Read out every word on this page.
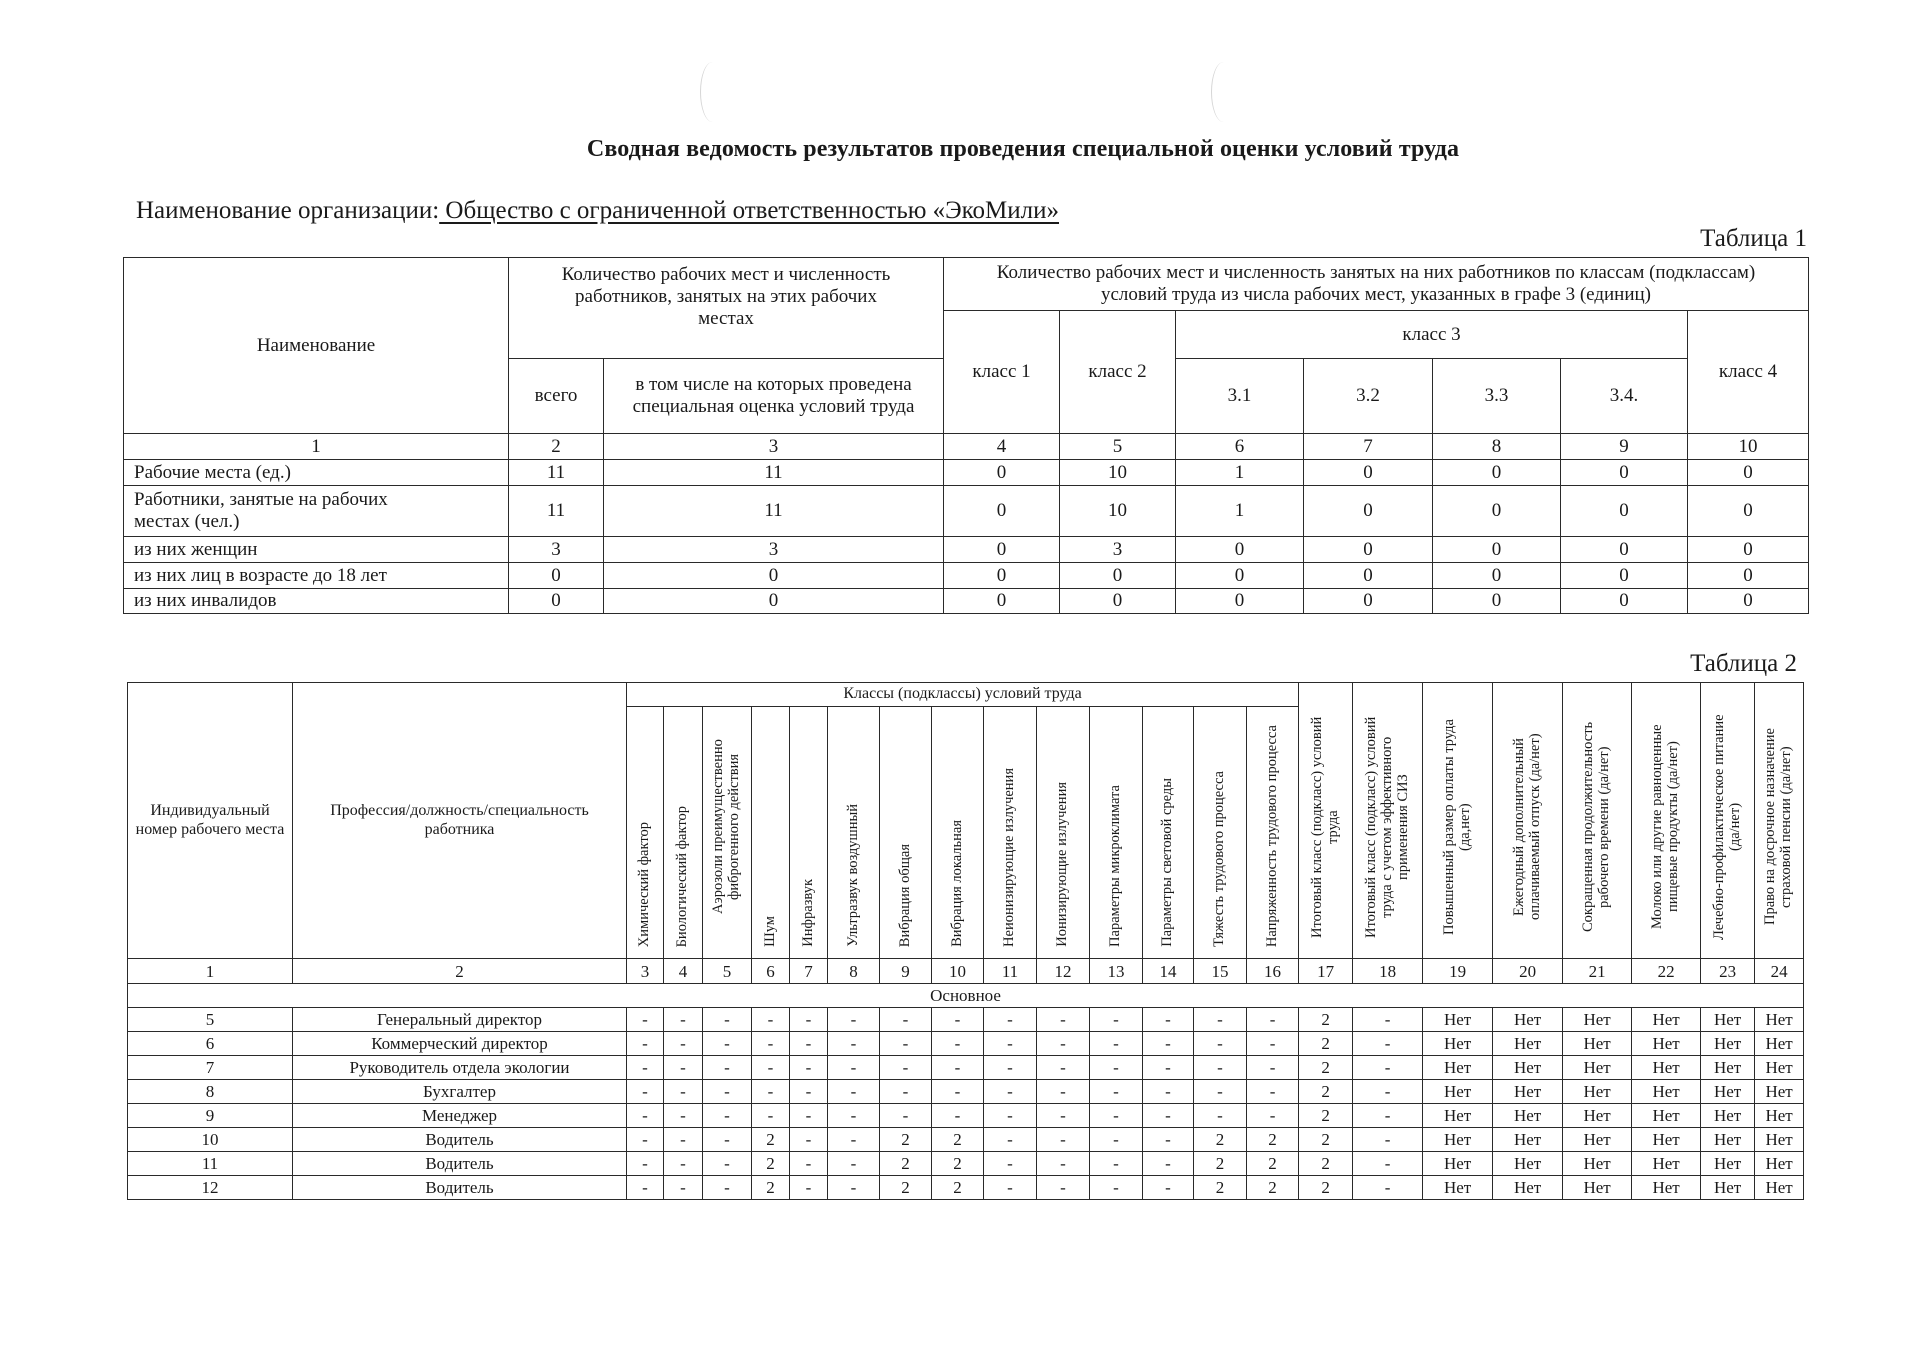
Сводная ведомость результатов проведения специальной оценки условий труда
Наименование организации: Общество с ограниченной ответственностью «ЭкоМили»
Таблица 1
Наименование	Количество рабочих мест и численность работников, занятых на этих рабочих местах		Количество рабочих мест и численность занятых на них работников по классам (подклассам) условий труда из числа рабочих мест, указанных в графе 3 (единиц)						
			класс 1	класс 2	класс 3				класс 4
	всего	в том числе на которых проведена специальная оценка условий труда			3.1	3.2	3.3	3.4.	
1	2	3	4	5	6	7	8	9	10
Рабочие места (ед.)	11	11	0	10	1	0	0	0	0
Работники, занятые на рабочих местах (чел.)	11	11	0	10	1	0	0	0	0
из них женщин	3	3	0	3	0	0	0	0	0
из них лиц в возрасте до 18 лет	0	0	0	0	0	0	0	0	0
из них инвалидов	0	0	0	0	0	0	0	0	0
Таблица 2
Индивидуальный номер рабочего места	Профессия/должность/специальность работника	Классы (подклассы) условий труда														Итоговый класс (подкласс) условий труда	Итоговый класс (подкласс) условий труда с учетом эффективного применения СИЗ	Повышенный размер оплаты труда (да,нет)	Ежегодный дополнительный оплачиваемый отпуск (да/нет)	Сокращенная продолжительность рабочего времени (да/нет)	Молоко или другие равноценные пищевые продукты (да/нет)	Лечебно-профилактическое питание (да/нет)	Право на досрочное назначение страховой пенсии (да/нет)
		Химический фактор	Биологический фактор	Аэрозоли преимущественно фиброгенного действия	Шум	Инфразвук	Ультразвук воздушный	Вибрация общая	Вибрация локальная	Неионизирующие излучения	Ионизирующие излучения	Параметры микроклимата	Параметры световой среды	Тяжесть трудового процесса	Напряженность трудового процесса								
1	2	3	4	5	6	7	8	9	10	11	12	13	14	15	16	17	18	19	20	21	22	23	24
Основное																							
5	Генеральный директор	-	-	-	-	-	-	-	-	-	-	-	-	-	-	2	-	Нет	Нет	Нет	Нет	Нет	Нет
6	Коммерческий директор	-	-	-	-	-	-	-	-	-	-	-	-	-	-	2	-	Нет	Нет	Нет	Нет	Нет	Нет
7	Руководитель отдела экологии	-	-	-	-	-	-	-	-	-	-	-	-	-	-	2	-	Нет	Нет	Нет	Нет	Нет	Нет
8	Бухгалтер	-	-	-	-	-	-	-	-	-	-	-	-	-	-	2	-	Нет	Нет	Нет	Нет	Нет	Нет
9	Менеджер	-	-	-	-	-	-	-	-	-	-	-	-	-	-	2	-	Нет	Нет	Нет	Нет	Нет	Нет
10	Водитель	-	-	-	2	-	-	2	2	-	-	-	-	2	2	2	-	Нет	Нет	Нет	Нет	Нет	Нет
11	Водитель	-	-	-	2	-	-	2	2	-	-	-	-	2	2	2	-	Нет	Нет	Нет	Нет	Нет	Нет
12	Водитель	-	-	-	2	-	-	2	2	-	-	-	-	2	2	2	-	Нет	Нет	Нет	Нет	Нет	Нет
